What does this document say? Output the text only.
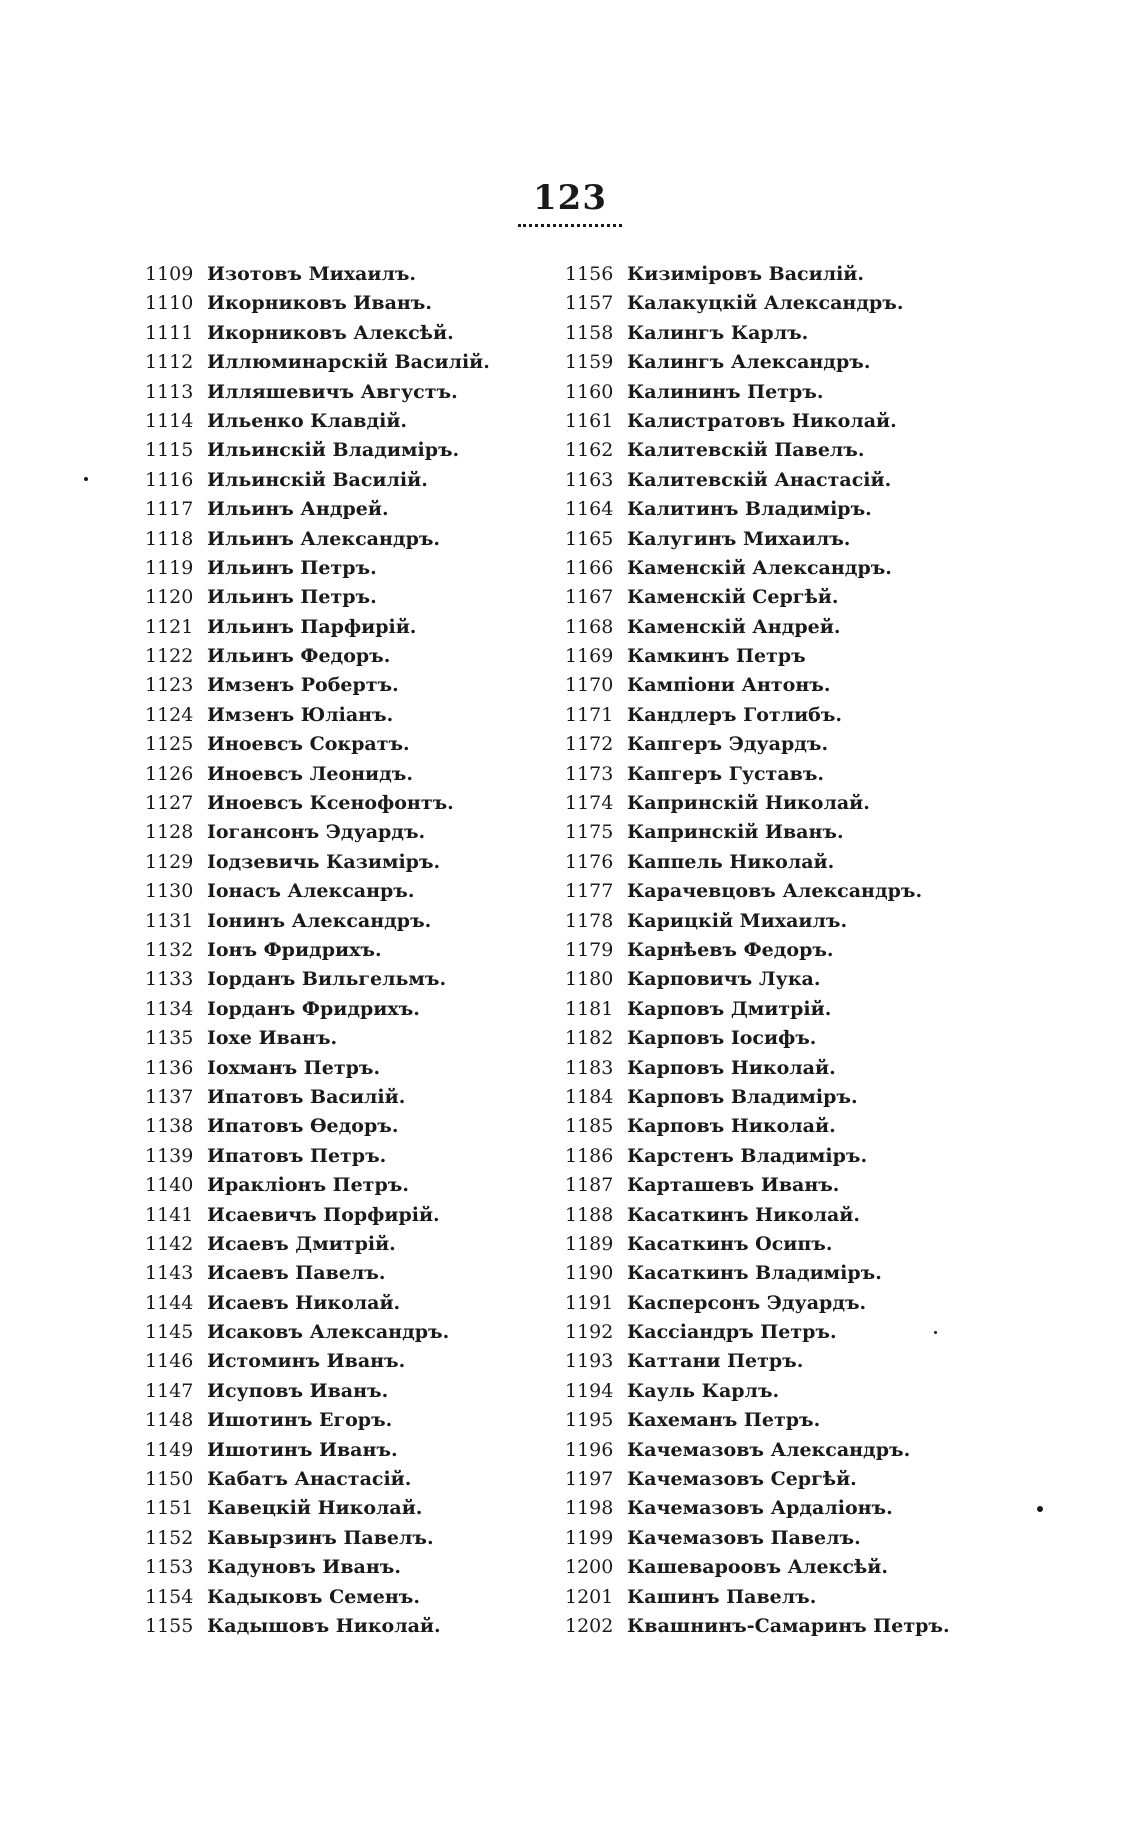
123
1109 Изотовъ Михаилъ.
1110 Икорниковъ Иванъ.
1111 Икорниковъ Алексѣй.
1112 Иллюминарскій Василій.
1113 Илляшевичъ Августъ.
1114 Ильенко Клавдій.
1115 Ильинскій Владиміръ.
1116 Ильинскій Василій.
1117 Ильинъ Андрей.
1118 Ильинъ Александръ.
1119 Ильинъ Петръ.
1120 Ильинъ Петръ.
1121 Ильинъ Парфирій.
1122 Ильинъ Федоръ.
1123 Имзенъ Робертъ.
1124 Имзенъ Юліанъ.
1125 Иноевсъ Сократъ.
1126 Иноевсъ Леонидъ.
1127 Иноевсъ Ксенофонтъ.
1128 Іогансонъ Эдуардъ.
1129 Іодзевичь Казиміръ.
1130 Іонасъ Алексанръ.
1131 Іонинъ Александръ.
1132 Іонъ Фридрихъ.
1133 Іорданъ Вильгельмъ.
1134 Іорданъ Фридрихъ.
1135 Іохе Иванъ.
1136 Іохманъ Петръ.
1137 Ипатовъ Василій.
1138 Ипатовъ Өедоръ.
1139 Ипатовъ Петръ.
1140 Иракліонъ Петръ.
1141 Исаевичъ Порфирій.
1142 Исаевъ Дмитрій.
1143 Исаевъ Павелъ.
1144 Исаевъ Николай.
1145 Исаковъ Александръ.
1146 Истоминъ Иванъ.
1147 Исуповъ Иванъ.
1148 Ишотинъ Егоръ.
1149 Ишотинъ Иванъ.
1150 Кабатъ Анастасій.
1151 Кавецкій Николай.
1152 Кавырзинъ Павелъ.
1153 Кадуновъ Иванъ.
1154 Кадыковъ Семенъ.
1155 Кадышовъ Николай.
1156 Кизиміровъ Василій.
1157 Калакуцкій Александръ.
1158 Калингъ Карлъ.
1159 Калингъ Александръ.
1160 Калининъ Петръ.
1161 Калистратовъ Николай.
1162 Калитевскій Павелъ.
1163 Калитевскій Анастасій.
1164 Калитинъ Владиміръ.
1165 Калугинъ Михаилъ.
1166 Каменскій Александръ.
1167 Каменскій Сергѣй.
1168 Каменскій Андрей.
1169 Камкинъ Петръ
1170 Кампіони Антонъ.
1171 Кандлеръ Готлибъ.
1172 Капгеръ Эдуардъ.
1173 Капгеръ Густавъ.
1174 Капринскій Николай.
1175 Капринскій Иванъ.
1176 Каппель Николай.
1177 Карачевцовъ Александръ.
1178 Карицкій Михаилъ.
1179 Карнѣевъ Федоръ.
1180 Карповичъ Лука.
1181 Карповъ Дмитрій.
1182 Карповъ Іосифъ.
1183 Карповъ Николай.
1184 Карповъ Владиміръ.
1185 Карповъ Николай.
1186 Карстенъ Владиміръ.
1187 Карташевъ Иванъ.
1188 Касаткинъ Николай.
1189 Касаткинъ Осипъ.
1190 Касаткинъ Владиміръ.
1191 Касперсонъ Эдуардъ.
1192 Кассіандръ Петръ.
1193 Каттани Петръ.
1194 Кауль Карлъ.
1195 Кахеманъ Петръ.
1196 Качемазовъ Александръ.
1197 Качемазовъ Сергѣй.
1198 Качемазовъ Ардаліонъ.
1199 Качемазовъ Павелъ.
1200 Кашевароовъ Алексѣй.
1201 Кашинъ Павелъ.
1202 Квашнинъ-Самаринъ Петръ.
